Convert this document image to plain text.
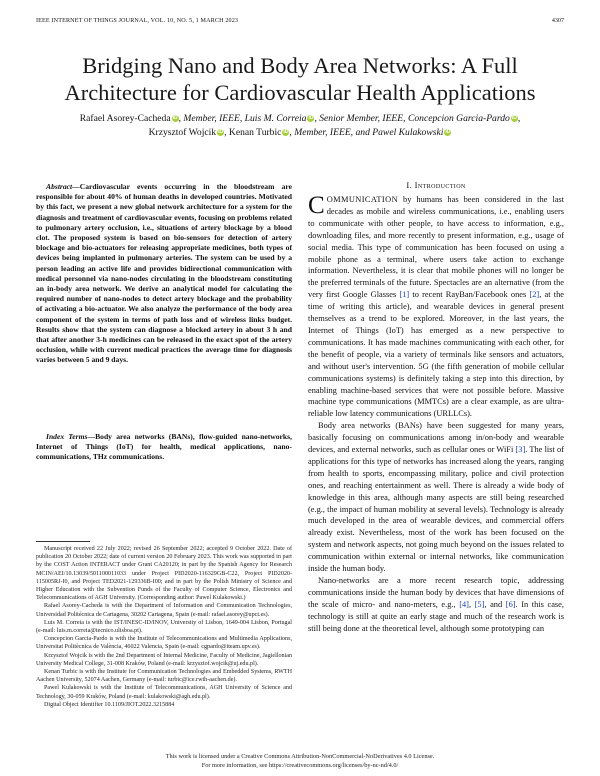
IEEE INTERNET OF THINGS JOURNAL, VOL. 10, NO. 5, 1 MARCH 2023	4307
Bridging Nano and Body Area Networks: A Full
Architecture for Cardiovascular Health Applications
Rafael Asorey-Cacheda iD, Member, IEEE, Luis M. Correia iD, Senior Member, IEEE, Concepcion Garcia-Pardo iD,
Krzysztof Wojcik iD, Kenan Turbic iD, Member, IEEE, and Pawel Kulakowski iD
Abstract—Cardiovascular events occurring in the bloodstream are responsible for about 40% of human deaths in developed countries. Motivated by this fact, we present a new global network architecture for a system for the diagnosis and treatment of cardiovascular events, focusing on problems related to pulmonary artery occlusion, i.e., situations of artery blockage by a blood clot. The proposed system is based on bio-sensors for detection of artery blockage and bio-actuators for releasing appropriate medicines, both types of devices being implanted in pulmonary arteries. The system can be used by a person leading an active life and provides bidirectional communication with medical personnel via nano-nodes circulating in the bloodstream constituting an in-body area network. We derive an analytical model for calculating the required number of nano-nodes to detect artery blockage and the probability of activating a bio-actuator. We also analyze the performance of the body area component of the system in terms of path loss and of wireless links budget. Results show that the system can diagnose a blocked artery in about 3 h and that after another 3-h medicines can be released in the exact spot of the artery occlusion, while with current medical practices the average time for diagnosis varies between 5 and 9 days.
Index Terms—Body area networks (BANs), flow-guided nano-networks, Internet of Things (IoT) for health, medical applications, nano-communications, THz communications.

Manuscript received 22 July 2022; revised 26 September 2022; accepted 9 October 2022. Date of publication 20 October 2022; date of current version 20 February 2023. This work was supported in part by the COST Action INTERACT under Grant CA20120; in part by the Spanish Agency for Research MCIN/AEI/10.13039/501100011033 under Project PID2020-116329GB-C22, Project PID2020-115005RJ-I0, and Project TED2021-129336B-I00; and in part by the Polish Ministry of Science and Higher Education with the Subvention Funds of the Faculty of Computer Science, Electronics and Telecommunications of AGH University. (Corresponding author: Pawel Kulakowski.)

Rafael Asorey-Cacheda is with the Department of Information and Communication Technologies, Universidad Politécnica de Cartagena, 30202 Cartagena, Spain (e-mail: rafael.asorey@upct.es).

Luis M. Correia is with the IST/INESC-ID/INOV, University of Lisbon, 1649-004 Lisbon, Portugal (e-mail: luis.m.correia@tecnico.ulisboa.pt).

Concepcion Garcia-Pardo is with the Institute of Telecommunications and Multimedia Applications, Universitat Politècnica de València, 46022 Valencia, Spain (e-mail: cgpardo@iteam.upv.es).

Krzysztof Wojcik is with the 2nd Department of Internal Medicine, Faculty of Medicine, Jagiellonian University Medical College, 31-008 Kraków, Poland (e-mail: krzysztof.wojcik@uj.edu.pl).

Kenan Turbic is with the Institute for Communication Technologies and Embedded Systems, RWTH Aachen University, 52074 Aachen, Germany (e-mail: turbic@ice.rwth-aachen.de).

Pawel Kulakowski is with the Institute of Telecommunications, AGH University of Science and Technology, 30-059 Kraków, Poland (e-mail: kulakowski@agh.edu.pl).

Digital Object Identifier 10.1109/JIOT.2022.3215884

I. Introduction

COMMUNICATION by humans has been considered in the last decades as mobile and wireless communications, i.e., enabling users to communicate with other people, to have access to information, e.g., downloading files, and more recently to present information, e.g., usage of social media. This type of communication has been focused on using a mobile phone as a terminal, where users take action to exchange information. Nevertheless, it is clear that mobile phones will no longer be the preferred terminals of the future. Spectacles are an alternative (from the very first Google Glasses [1] to recent RayBan/Facebook ones [2], at the time of writing this article), and wearable devices in general present themselves as a trend to be explored. Moreover, in the last years, the Internet of Things (IoT) has emerged as a new perspective to communications. It has made machines communicating with each other, for the benefit of people, via a variety of terminals like sensors and actuators, and without user's intervention. 5G (the fifth generation of mobile cellular communications systems) is definitely taking a step into this direction, by enabling machine-based services that were not possible before. Massive machine type communications (MMTCs) are a clear example, as are ultra-reliable low latency communications (URLLCs).

Body area networks (BANs) have been suggested for many years, basically focusing on communications among in/on-body and wearable devices, and external networks, such as cellular ones or WiFi [3]. The list of applications for this type of networks has increased along the years, ranging from health to sports, encompassing military, police and civil protection ones, and reaching entertainment as well. There is already a wide body of knowledge in this area, although many aspects are still being researched (e.g., the impact of human mobility at several levels). Technology is already much developed in the area of wearable devices, and commercial offers already exist. Nevertheless, most of the work has been focused on the system and network aspects, not going much beyond on the issues related to communication within external or internal networks, like communication inside the human body.

Nano-networks are a more recent research topic, addressing communications inside the human body by devices that have dimensions of the scale of micro- and nano-meters, e.g., [4], [5], and [6]. In this case, technology is still at quite an early stage and much of the research work is still being done at the theoretical level, although some prototyping can

This work is licensed under a Creative Commons Attribution-NonCommercial-NoDerivatives 4.0 License.
For more information, see https://creativecommons.org/licenses/by-nc-nd/4.0/
